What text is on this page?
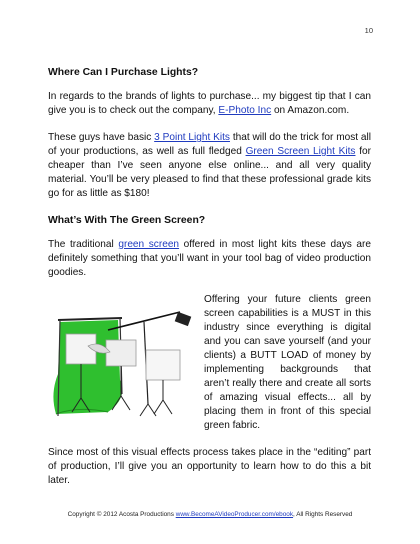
10
Where Can I Purchase Lights?

In regards to the brands of lights to purchase... my biggest tip that I can give you is to check out the company, E-Photo Inc on Amazon.com.

These guys have basic 3 Point Light Kits that will do the trick for most all of your productions, as well as full fledged Green Screen Light Kits for cheaper than I’ve seen anyone else online... and all very quality material. You’ll be very pleased to find that these professional grade kits go for as little as $180!

What’s With The Green Screen?

The traditional green screen offered in most light kits these days are definitely something that you’ll want in your tool bag of video production goodies.

Offering your future clients green screen capabilities is a MUST in this industry since everything is digital and you can save yourself (and your clients) a BUTT LOAD of money by implementing backgrounds that aren’t really there and create all sorts of amazing visual effects... all by placing them in front of this special green fabric.

Since most of this visual effects process takes place in the “editing” part of production, I’ll give you an opportunity to learn how to do this a bit later.

Copyright © 2012 Acosta Productions www.BecomeAVideoProducer.com/ebook, All Rights Reserved
